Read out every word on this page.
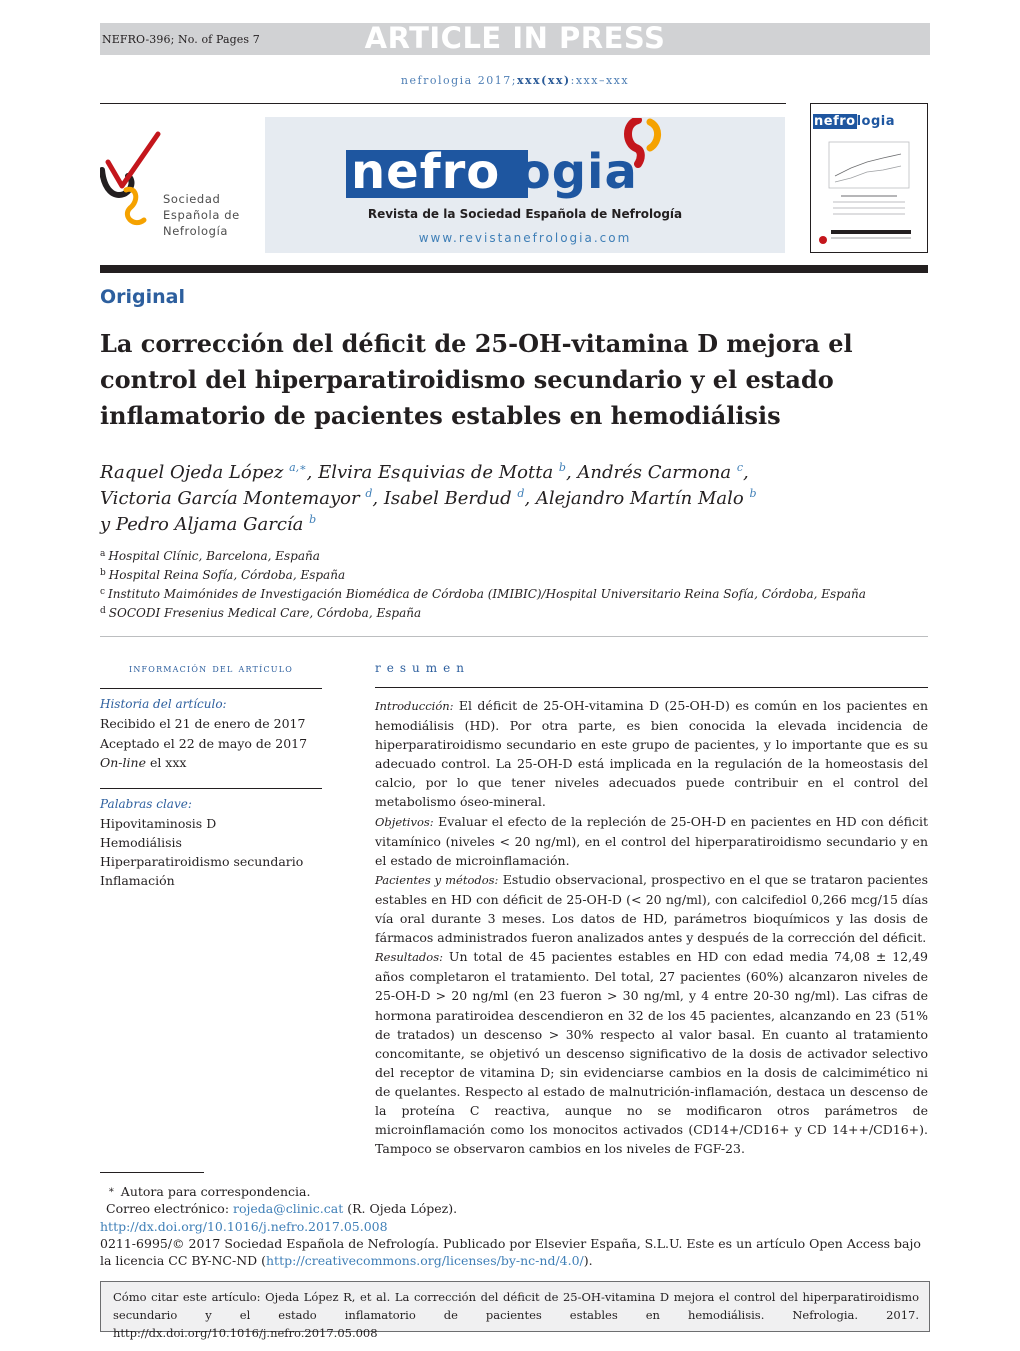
NEFRO-396; No. of Pages 7	ARTICLE IN PRESS
nefrologia 2017;xxx(xx):xxx–xxx
Sociedad
Española de
Nefrología
nefrologia
Revista de la Sociedad Española de Nefrología
www.revistanefrologia.com
nefrologia
Original
La corrección del déficit de 25-OH-vitamina D mejora el control del hiperparatiroidismo secundario y el estado inflamatorio de pacientes estables en hemodiálisis
Raquel Ojeda López $^{a,∗}$, Elvira Esquivias de Motta $^b$, Andrés Carmona $^c$,
Victoria García Montemayor $^d$, Isabel Berdud $^d$, Alejandro Martín Malo $^b$
y Pedro Aljama García $^b$
$^a$ Hospital Clínic, Barcelona, España
$^b$ Hospital Reina Sofía, Córdoba, España
$^c$ Instituto Maimónides de Investigación Biomédica de Córdoba (IMIBIC)/Hospital Universitario Reina Sofía, Córdoba, España
$^d$ SOCODI Fresenius Medical Care, Córdoba, España
información del artículo
Historia del artículo:
Recibido el 21 de enero de 2017
Aceptado el 22 de mayo de 2017
On-line el xxx
Palabras clave:
Hipovitaminosis D
Hemodiálisis
Hiperparatiroidismo secundario
Inflamación
resumen

Introducción: El déficit de 25-OH-vitamina D (25-OH-D) es común en los pacientes en hemodiálisis (HD). Por otra parte, es bien conocida la elevada incidencia de hiperparatiroidismo secundario en este grupo de pacientes, y lo importante que es su adecuado control. La 25-OH-D está implicada en la regulación de la homeostasis del calcio, por lo que tener niveles adecuados puede contribuir en el control del metabolismo óseo-mineral.

Objetivos: Evaluar el efecto de la repleción de 25-OH-D en pacientes en HD con déficit vitamínico (niveles < 20 ng/ml), en el control del hiperparatiroidismo secundario y en el estado de microinflamación.

Pacientes y métodos: Estudio observacional, prospectivo en el que se trataron pacientes estables en HD con déficit de 25-OH-D (< 20 ng/ml), con calcifediol 0,266 mcg/15 días vía oral durante 3 meses. Los datos de HD, parámetros bioquímicos y las dosis de fármacos administrados fueron analizados antes y después de la corrección del déficit.

Resultados: Un total de 45 pacientes estables en HD con edad media 74,08 ± 12,49 años completaron el tratamiento. Del total, 27 pacientes (60%) alcanzaron niveles de 25-OH-D > 20 ng/ml (en 23 fueron > 30 ng/ml, y 4 entre 20-30 ng/ml). Las cifras de hormona paratiroidea descendieron en 32 de los 45 pacientes, alcanzando en 23 (51% de tratados) un descenso > 30% respecto al valor basal. En cuanto al tratamiento concomitante, se objetivó un descenso significativo de la dosis de activador selectivo del receptor de vitamina D; sin evidenciarse cambios en la dosis de calcimimético ni de quelantes. Respecto al estado de malnutrición-inflamación, destaca un descenso de la proteína C reactiva, aunque no se modificaron otros parámetros de microinflamación como los monocitos activados (CD14+/CD16+ y CD 14++/CD16+). Tampoco se observaron cambios en los niveles de FGF-23.

∗ Autora para correspondencia.

Correo electrónico: rojeda@clinic.cat (R. Ojeda López).

http://dx.doi.org/10.1016/j.nefro.2017.05.008

0211-6995/© 2017 Sociedad Española de Nefrología. Publicado por Elsevier España, S.L.U. Este es un artículo Open Access bajo la licencia CC BY-NC-ND (http://creativecommons.org/licenses/by-nc-nd/4.0/).

Cómo citar este artículo: Ojeda López R, et al. La corrección del déficit de 25-OH-vitamina D mejora el control del hiperparatiroidismo secundario y el estado inflamatorio de pacientes estables en hemodiálisis. Nefrologia. 2017. http://dx.doi.org/10.1016/j.nefro.2017.05.008
